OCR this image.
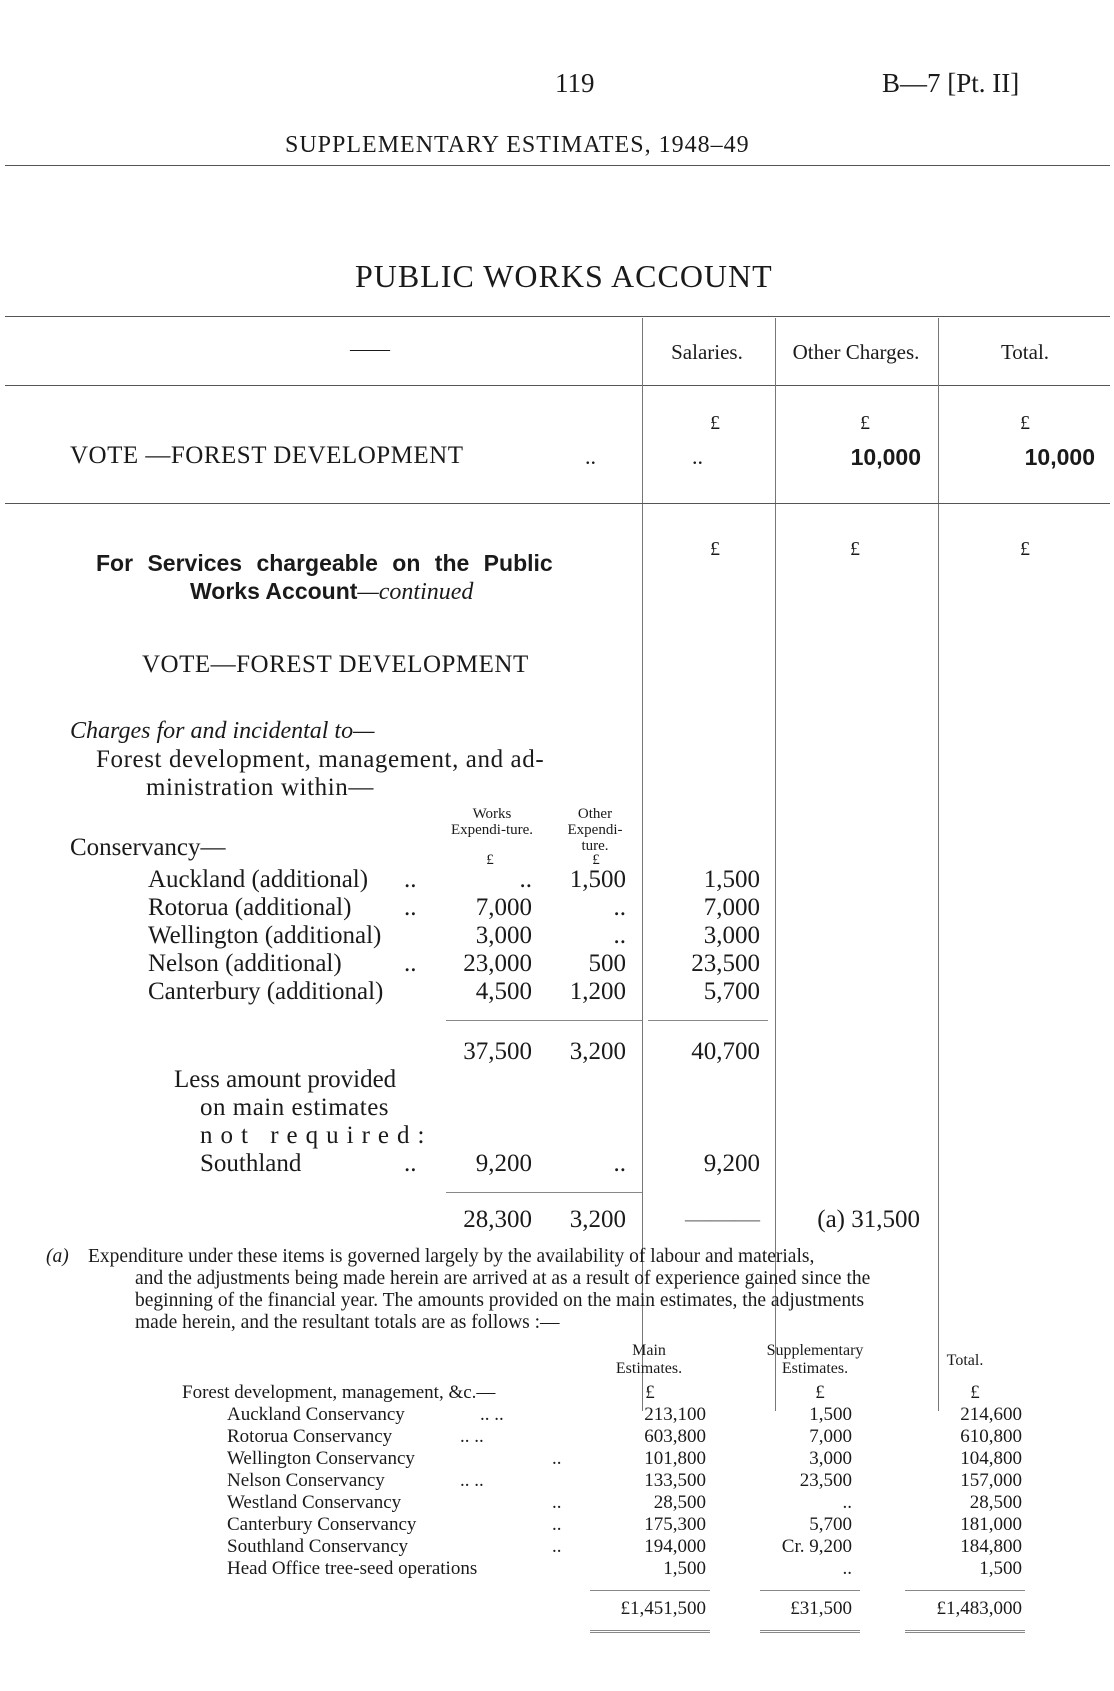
119	B—7 [Pt. II]
SUPPLEMENTARY ESTIMATES, 1948–49
PUBLIC WORKS ACCOUNT
——	Salaries.	Other Charges.	Total.
£	£	£
VOTE —FOREST DEVELOPMENT	..	..	10,000	10,000
£	£	£
For Services chargeable on the Public
Works Account—continued
VOTE—FOREST DEVELOPMENT
Charges for and incidental to—
Forest development, management, and ad-
ministration within—
Works Expendi-ture.
Other Expendi-ture.
£	£
Conservancy—
Auckland (additional) ..	..	1,500	1,500
Rotorua (additional) ..	7,000	..	7,000
Wellington (additional)	3,000	..	3,000
Nelson (additional) ..	23,000	500	23,500
Canterbury (additional)	4,500	1,200	5,700
37,500	3,200	40,700
Less amount provided
on main estimates
not required:
Southland	..	9,200	..	9,200
28,300	3,200	———	(a) 31,500
(a) Expenditure under these items is governed largely by the availability of labour and materials,
and the adjustments being made herein are arrived at as a result of experience gained since the
beginning of the financial year. The amounts provided on the main estimates, the adjustments
made herein, and the resultant totals are as follows :—
Main
Estimates.
Supplementary
Estimates.	Total.
Forest development, management, &c.—	£	£	£
Auckland Conservancy	.. ..	213,100	1,500	214,600
Rotorua Conservancy	.. ..	603,800	7,000	610,800
Wellington Conservancy	..	101,800	3,000	104,800
Nelson Conservancy	.. ..	133,500	23,500	157,000
Westland Conservancy	..	28,500	..	28,500
Canterbury Conservancy	..	175,300	5,700	181,000
Southland Conservancy	..	194,000	Cr. 9,200	184,800
Head Office tree-seed operations	1,500	..	1,500
£1,451,500	£31,500	£1,483,000
